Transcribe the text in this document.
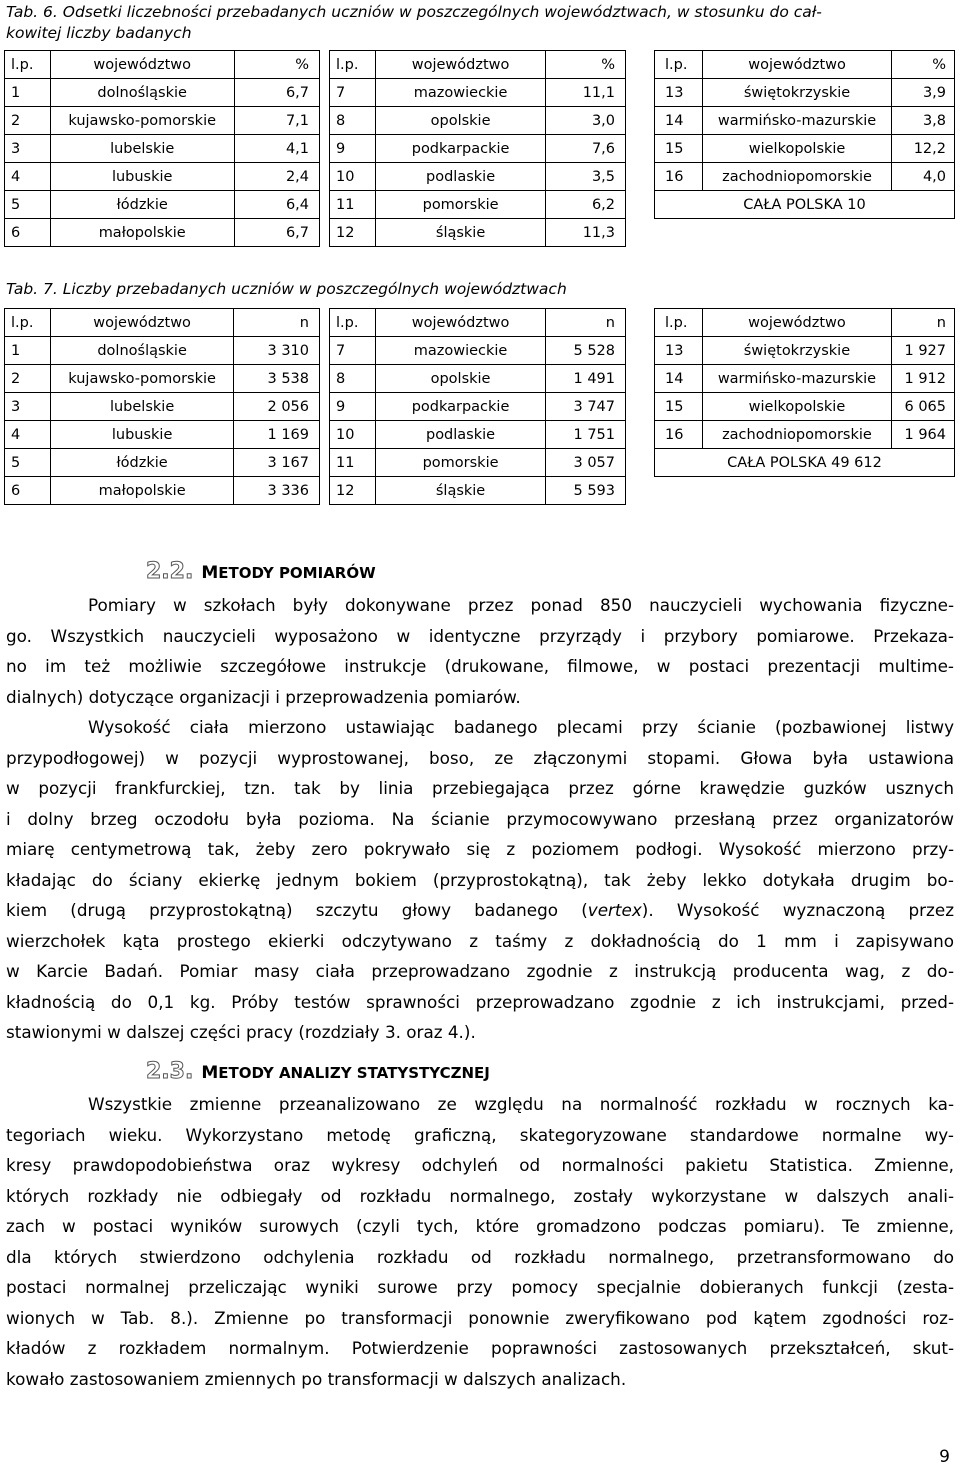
Tab. 6. Odsetki liczebności przebadanych uczniów w poszczególnych województwach, w stosunku do cał-
kowitej liczby badanych
l.p.	województwo	%
1	dolnośląskie	6,7
2	kujawsko-pomorskie	7,1
3	lubelskie	4,1
4	lubuskie	2,4
5	łódzkie	6,4
6	małopolskie	6,7
l.p.	województwo	%
7	mazowieckie	11,1
8	opolskie	3,0
9	podkarpackie	7,6
10	podlaskie	3,5
11	pomorskie	6,2
12	śląskie	11,3
l.p.	województwo	%
13	świętokrzyskie	3,9
14	warmińsko-mazurskie	3,8
15	wielkopolskie	12,2
16	zachodniopomorskie	4,0
CAŁA POLSKA 10		
Tab. 7. Liczby przebadanych uczniów w poszczególnych województwach
l.p.	województwo	n
1	dolnośląskie	3 310
2	kujawsko-pomorskie	3 538
3	lubelskie	2 056
4	lubuskie	1 169
5	łódzkie	3 167
6	małopolskie	3 336
l.p.	województwo	n
7	mazowieckie	5 528
8	opolskie	1 491
9	podkarpackie	3 747
10	podlaskie	1 751
11	pomorskie	3 057
12	śląskie	5 593
l.p.	województwo	n
13	świętokrzyskie	1 927
14	warmińsko-mazurskie	1 912
15	wielkopolskie	6 065
16	zachodniopomorskie	1 964
CAŁA POLSKA 49 612		
2.2. METODY POMIARÓW
Pomiary w szkołach były dokonywane przez ponad 850 nauczycieli wychowania fizyczne-
go. Wszystkich nauczycieli wyposażono w identyczne przyrządy i przybory pomiarowe. Przekaza-
no im też możliwie szczegółowe instrukcje (drukowane, filmowe, w postaci prezentacji multime-
dialnych) dotyczące organizacji i przeprowadzenia pomiarów.
Wysokość ciała mierzono ustawiając badanego plecami przy ścianie (pozbawionej listwy
przypodłogowej) w pozycji wyprostowanej, boso, ze złączonymi stopami. Głowa była ustawiona
w pozycji frankfurckiej, tzn. tak by linia przebiegająca przez górne krawędzie guzków usznych
i dolny brzeg oczodołu była pozioma. Na ścianie przymocowywano przesłaną przez organizatorów
miarę centymetrową tak, żeby zero pokrywało się z poziomem podłogi. Wysokość mierzono przy-
kładając do ściany ekierkę jednym bokiem (przyprostokątną), tak żeby lekko dotykała drugim bo-
kiem (drugą przyprostokątną) szczytu głowy badanego (vertex). Wysokość wyznaczoną przez
wierzchołek kąta prostego ekierki odczytywano z taśmy z dokładnością do 1 mm i zapisywano
w Karcie Badań. Pomiar masy ciała przeprowadzano zgodnie z instrukcją producenta wag, z do-
kładnością do 0,1 kg. Próby testów sprawności przeprowadzano zgodnie z ich instrukcjami, przed-
stawionymi w dalszej części pracy (rozdziały 3. oraz 4.).
2.3. METODY ANALIZY STATYSTYCZNEJ
Wszystkie zmienne przeanalizowano ze względu na normalność rozkładu w rocznych ka-
tegoriach wieku. Wykorzystano metodę graficzną, skategoryzowane standardowe normalne wy-
kresy prawdopodobieństwa oraz wykresy odchyleń od normalności pakietu Statistica. Zmienne,
których rozkłady nie odbiegały od rozkładu normalnego, zostały wykorzystane w dalszych anali-
zach w postaci wyników surowych (czyli tych, które gromadzono podczas pomiaru). Te zmienne,
dla których stwierdzono odchylenia rozkładu od rozkładu normalnego, przetransformowano do
postaci normalnej przeliczając wyniki surowe przy pomocy specjalnie dobieranych funkcji (zesta-
wionych w Tab. 8.). Zmienne po transformacji ponownie zweryfikowano pod kątem zgodności roz-
kładów z rozkładem normalnym. Potwierdzenie poprawności zastosowanych przekształceń, skut-
kowało zastosowaniem zmiennych po transformacji w dalszych analizach.
9
